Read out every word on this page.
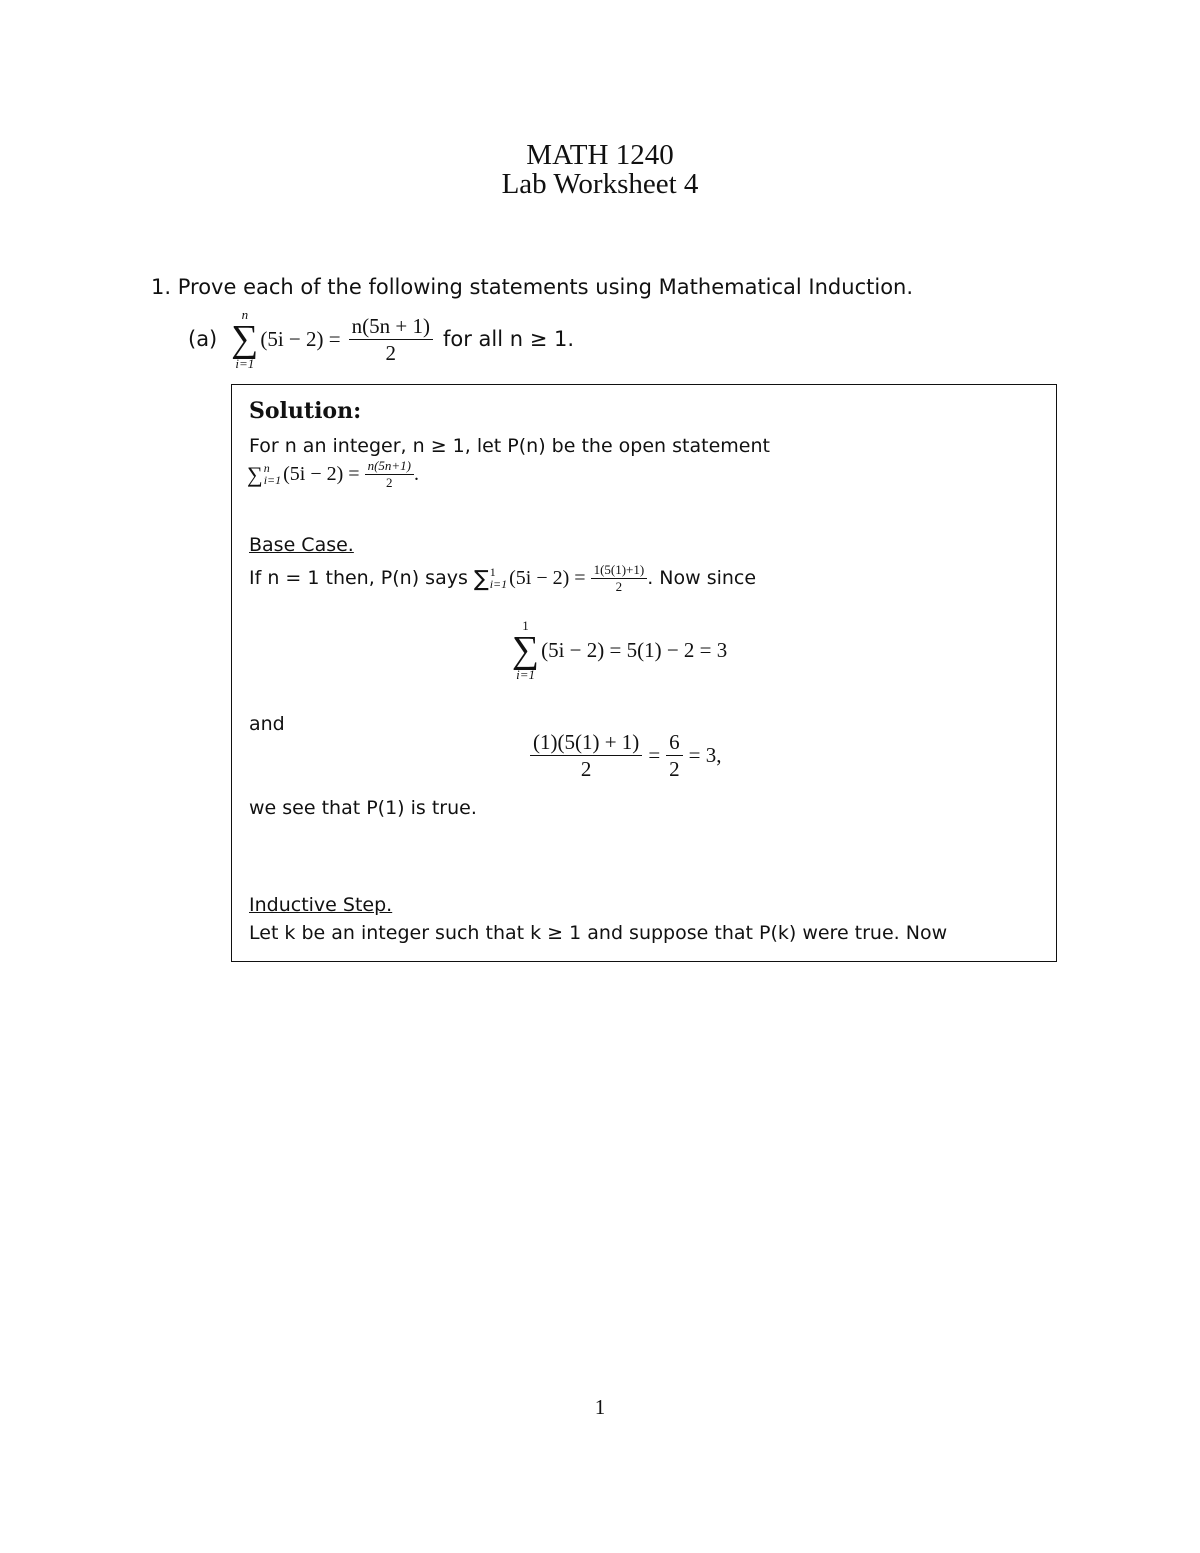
MATH 1240
Lab Worksheet 4
1. Prove each of the following statements using Mathematical Induction.
(a)
n
∑
i=1
$(5i - 2) = \frac{n(5n + 1)}{2}$ for all n ≥ 1.
Solution:
For n an integer, n ≥ 1, let P(n) be the open statement
∑ n
i=1 $(5i - 2) = \frac{n(5n+1)}{2}$ .
Base Case.
If n = 1 then, P(n) says ∑ 1
i=1 $(5i - 2) = \frac{1(5(1)+1)}{2}$ . Now since
1
∑
i=1
(5i − 2) = 5(1) − 2 = 3
and
$\frac{(1)(5(1) + 1)}{2} = \frac{6}{2} = 3$,
we see that P(1) is true.
Inductive Step.
Let k be an integer such that k ≥ 1 and suppose that P(k) were true. Now
1
